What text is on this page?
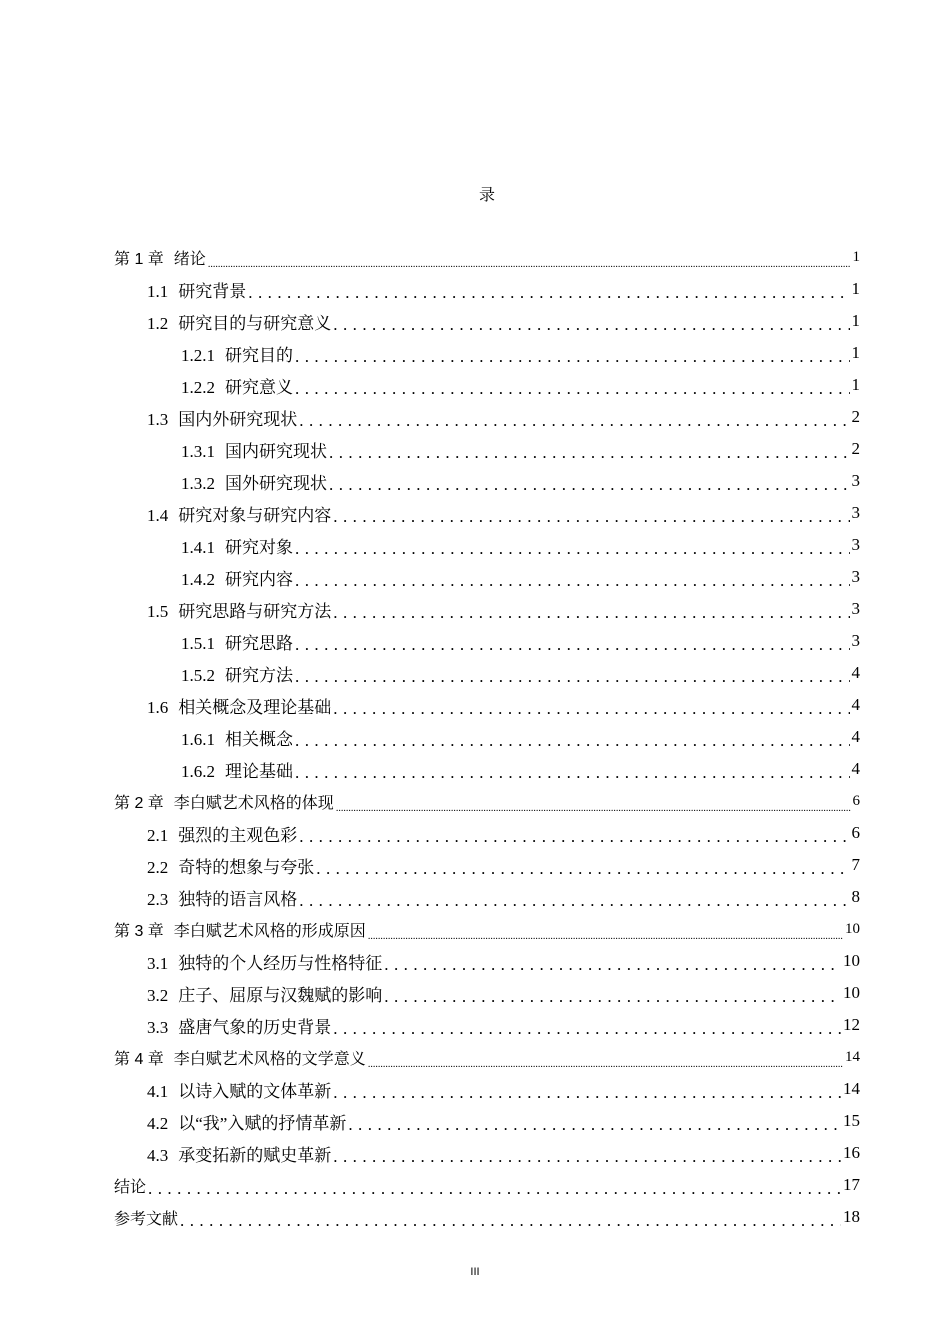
录
第 1 章 绪论 .....	1
1.1 研究背景 . . .	1
1.2 研究目的与研究意义 . . .	1
1.2.1 研究目的 . . .	1
1.2.2 研究意义 . . .	1
1.3 国内外研究现状 . . .	2
1.3.1 国内研究现状 . . .	2
1.3.2 国外研究现状 . . .	3
1.4 研究对象与研究内容 . . .	3
1.4.1 研究对象 . . .	3
1.4.2 研究内容 . . .	3
1.5 研究思路与研究方法 . . .	3
1.5.1 研究思路 . . .	3
1.5.2 研究方法 . . .	4
1.6 相关概念及理论基础 . . .	4
1.6.1 相关概念 . . .	4
1.6.2 理论基础 . . .	4
第 2 章 李白赋艺术风格的体现 .....	6
2.1 强烈的主观色彩 . . .	6
2.2 奇特的想象与夸张 . . .	7
2.3 独特的语言风格 . . .	8
第 3 章 李白赋艺术风格的形成原因 .....	10
3.1 独特的个人经历与性格特征 . . .	10
3.2 庄子、屈原与汉魏赋的影响 . . .	10
3.3 盛唐气象的历史背景 . . .	12
第 4 章 李白赋艺术风格的文学意义 .....	14
4.1 以诗入赋的文体革新 . . .	14
4.2 以“我”入赋的抒情革新 . . .	15
4.3 承变拓新的赋史革新 . . .	16
结论 . . .	17
参考文献 . . .	18
III
